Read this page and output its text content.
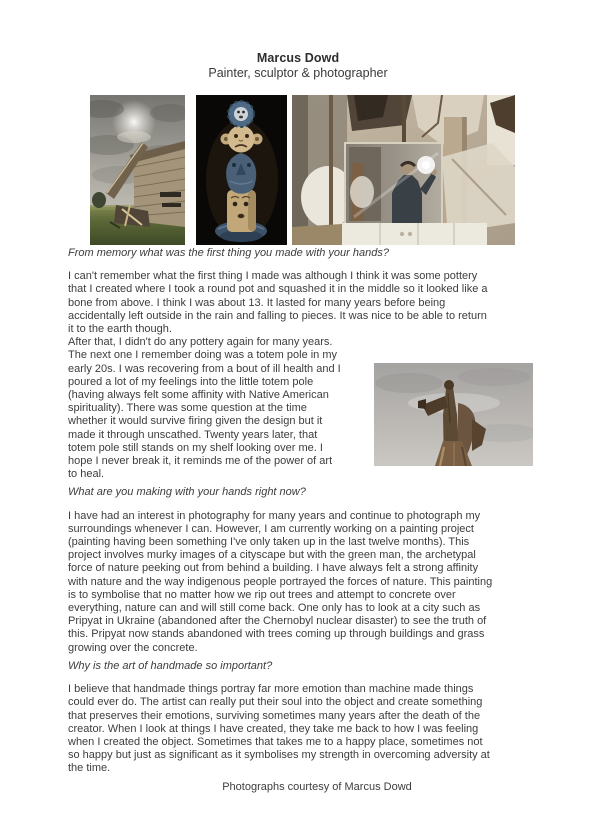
Marcus Dowd
Painter, sculptor & photographer
From memory what was the first thing you made with your hands?
I can't remember what the first thing I made was although I think it was some pottery
that I created where I took a round pot and squashed it in the middle so it looked like a
bone from above. I think I was about 13. It lasted for many years before being
accidentally left outside in the rain and falling to pieces. It was nice to be able to return
it to the earth though.
After that, I didn't do any pottery again for many years.
The next one I remember doing was a totem pole in my
early 20s. I was recovering from a bout of ill health and I
poured a lot of my feelings into the little totem pole
(having always felt some affinity with Native American
spirituality). There was some question at the time
whether it would survive firing given the design but it
made it through unscathed. Twenty years later, that
totem pole still stands on my shelf looking over me. I
hope I never break it, it reminds me of the power of art
to heal.
What are you making with your hands right now?
I have had an interest in photography for many years and continue to photograph my
surroundings whenever I can. However, I am currently working on a painting project
(painting having been something I've only taken up in the last twelve months). This
project involves murky images of a cityscape but with the green man, the archetypal
force of nature peeking out from behind a building. I have always felt a strong affinity
with nature and the way indigenous people portrayed the forces of nature. This painting
is to symbolise that no matter how we rip out trees and attempt to concrete over
everything, nature can and will still come back. One only has to look at a city such as
Pripyat in Ukraine (abandoned after the Chernobyl nuclear disaster) to see the truth of
this. Pripyat now stands abandoned with trees coming up through buildings and grass
growing over the concrete.
Why is the art of handmade so important?
I believe that handmade things portray far more emotion than machine made things
could ever do. The artist can really put their soul into the object and create something
that preserves their emotions, surviving sometimes many years after the death of the
creator. When I look at things I have created, they take me back to how I was feeling
when I created the object. Sometimes that takes me to a happy place, sometimes not
so happy but just as significant as it symbolises my strength in overcoming adversity at
the time.
Photographs courtesy of Marcus Dowd
